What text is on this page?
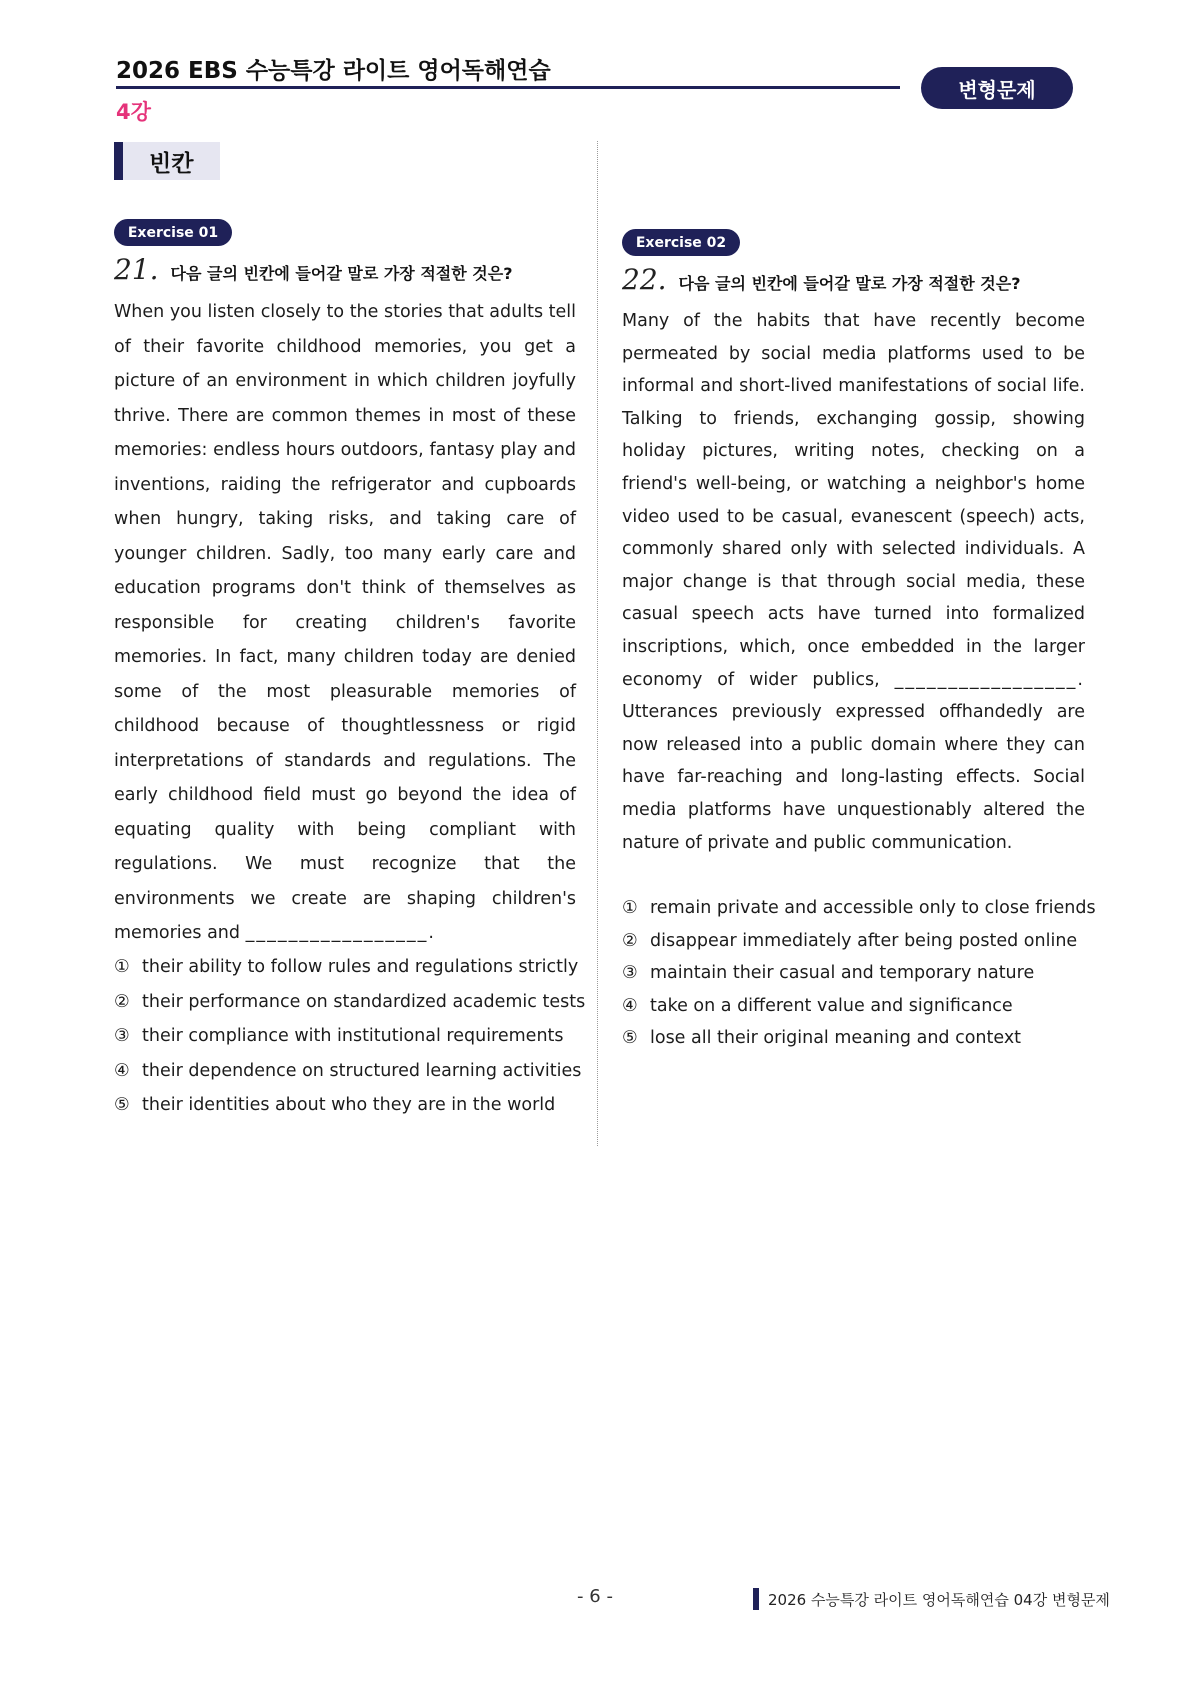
2026 EBS 수능특강 라이트 영어독해연습
4강
변형문제
빈칸
Exercise 01
21. 다음 글의 빈칸에 들어갈 말로 가장 적절한 것은?

When you listen closely to the stories that adults tell of their favorite childhood memories, you get a picture of an environment in which children joyfully thrive. There are common themes in most of these memories: endless hours outdoors, fantasy play and inventions, raiding the refrigerator and cupboards when hungry, taking risks, and taking care of younger children. Sadly, too many early care and education programs don't think of themselves as responsible for creating children's favorite memories. In fact, many children today are denied some of the most pleasurable memories of childhood because of thoughtlessness or rigid interpretations of standards and regulations. The early childhood field must go beyond the idea of equating quality with being compliant with regulations. We must recognize that the environments we create are shaping children's memories and _________________.

① their ability to follow rules and regulations strictly
② their performance on standardized academic tests
③ their compliance with institutional requirements
④ their dependence on structured learning activities
⑤ their identities about who they are in the world
Exercise 02
22. 다음 글의 빈칸에 들어갈 말로 가장 적절한 것은?

Many of the habits that have recently become permeated by social media platforms used to be informal and short-lived manifestations of social life. Talking to friends, exchanging gossip, showing holiday pictures, writing notes, checking on a friend's well-being, or watching a neighbor's home video used to be casual, evanescent (speech) acts, commonly shared only with selected individuals. A major change is that through social media, these casual speech acts have turned into formalized inscriptions, which, once embedded in the larger economy of wider publics, _________________. Utterances previously expressed offhandedly are now released into a public domain where they can have far-reaching and long-lasting effects. Social media platforms have unquestionably altered the nature of private and public communication.

① remain private and accessible only to close friends
② disappear immediately after being posted online
③ maintain their casual and temporary nature
④ take on a different value and significance
⑤ lose all their original meaning and context
- 6 -	2026 수능특강 라이트 영어독해연습 04강 변형문제
